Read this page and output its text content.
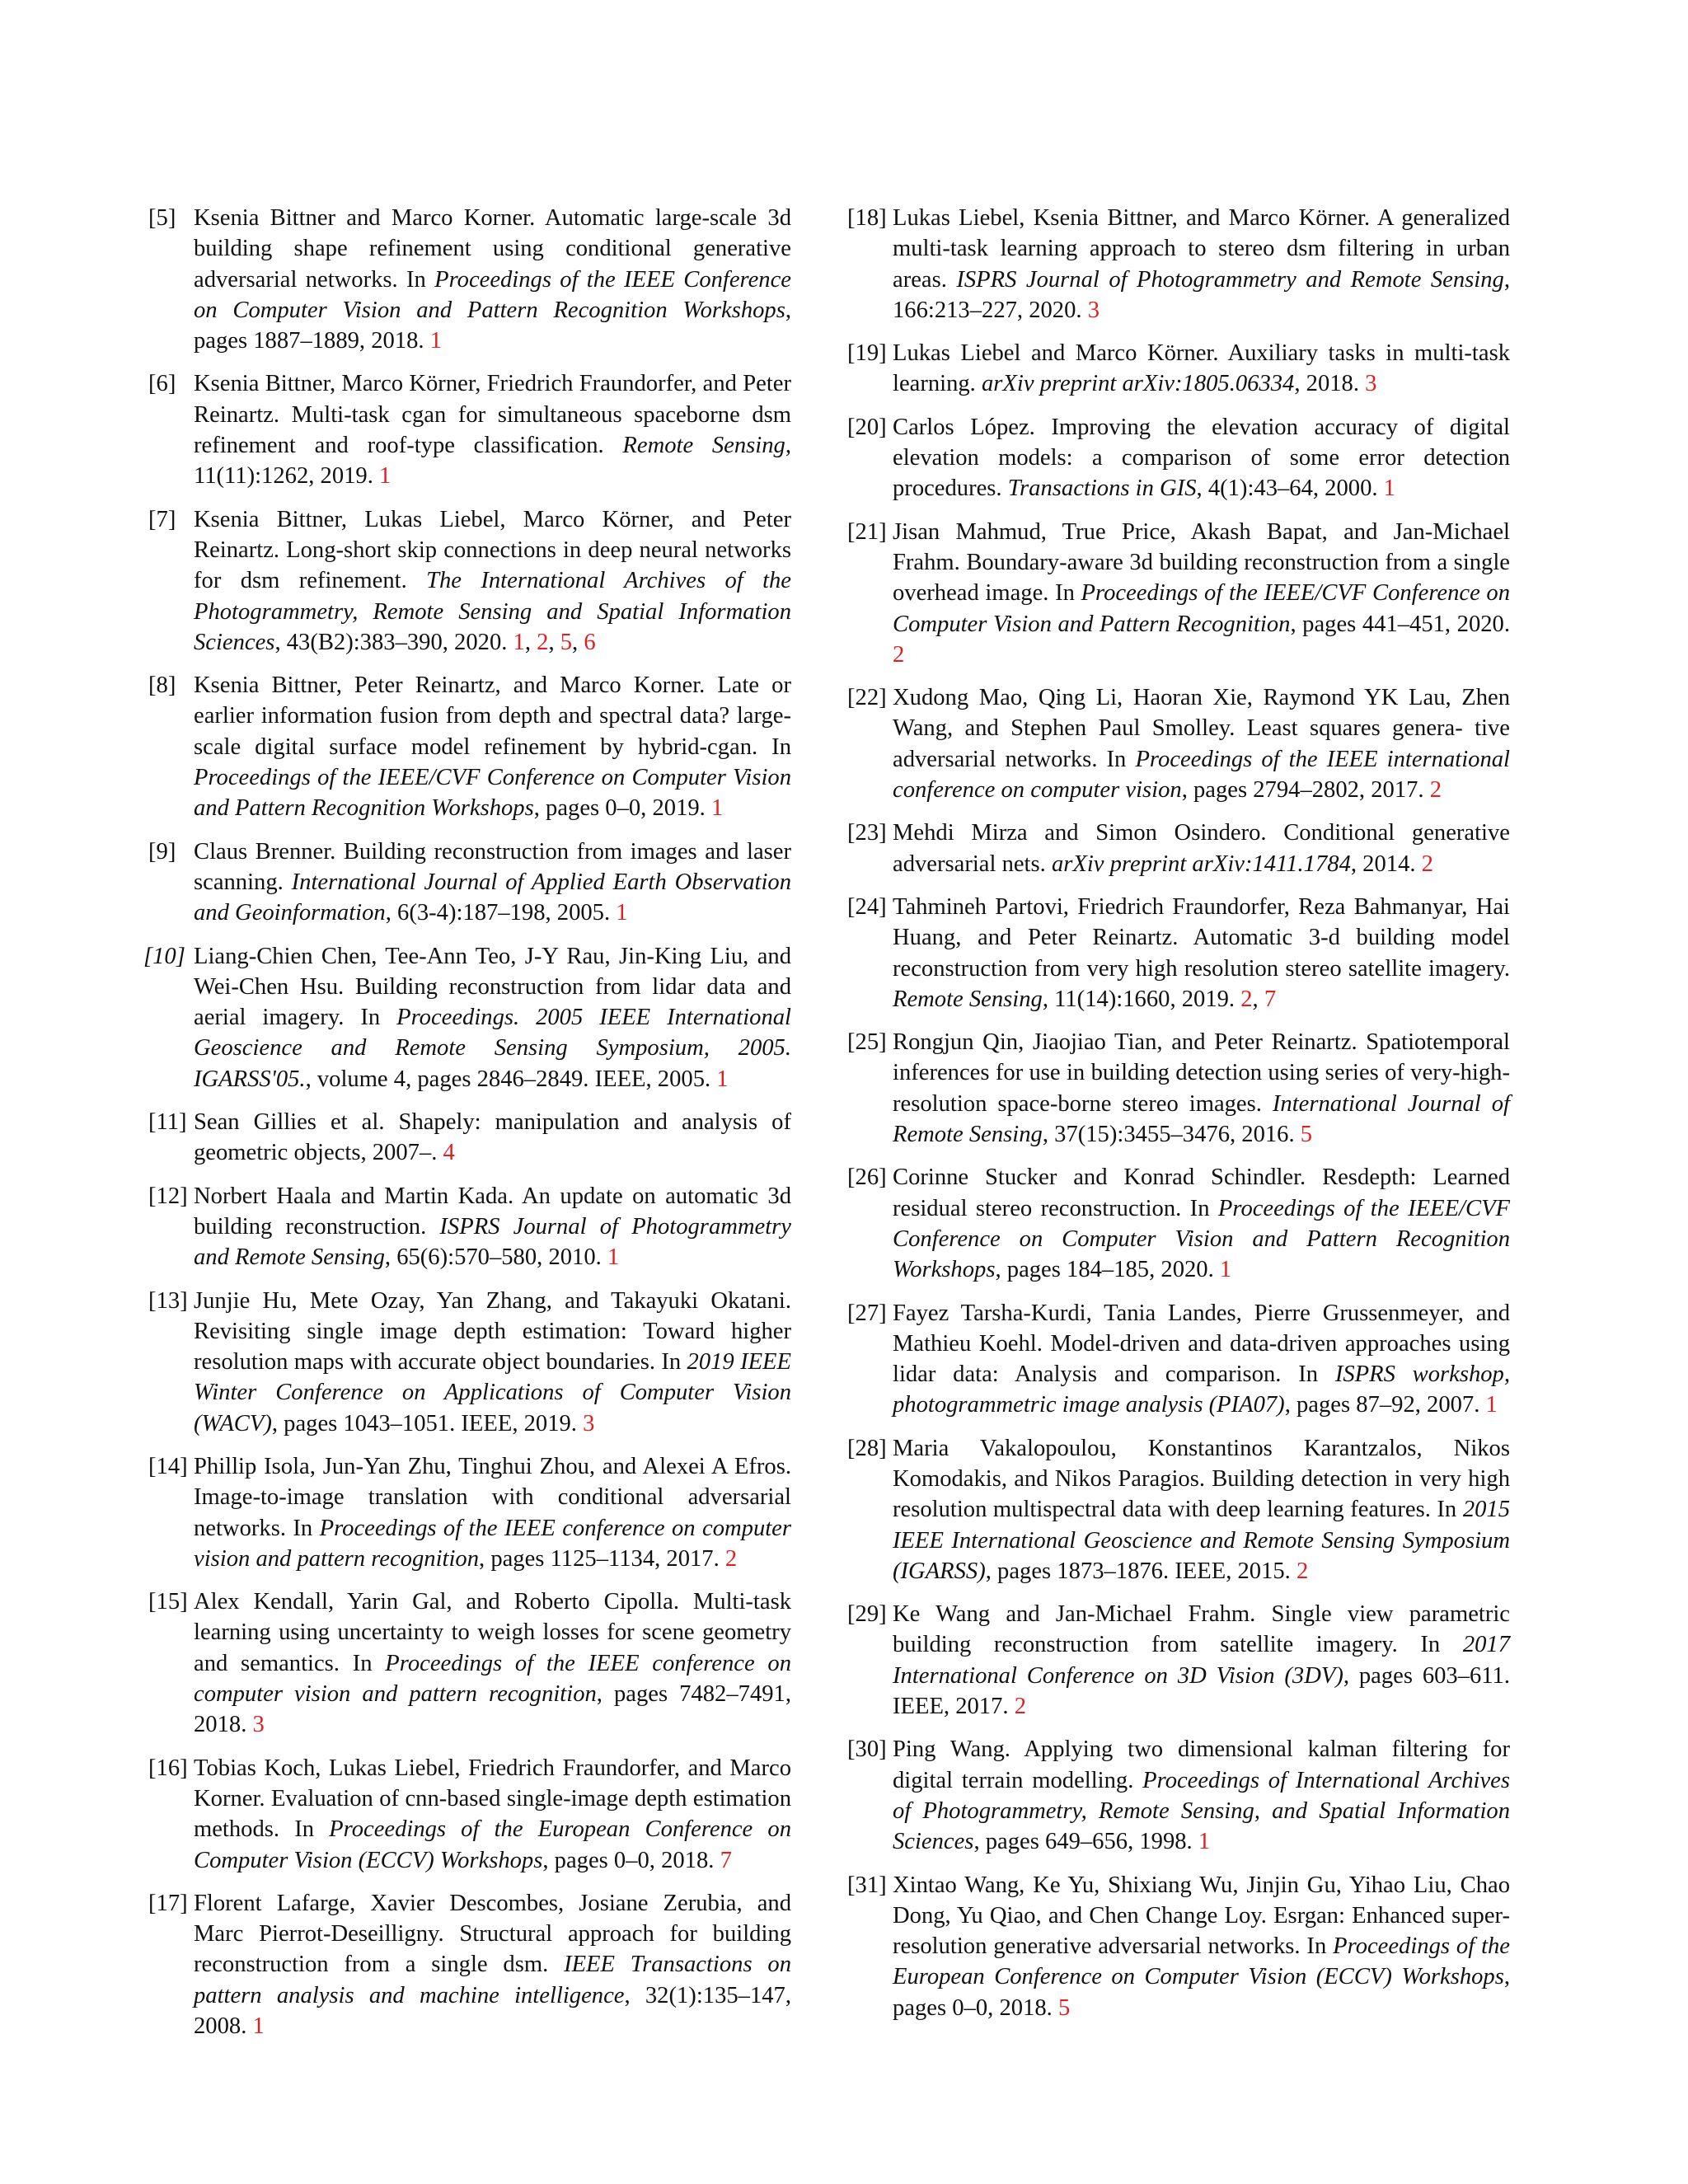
[5] Ksenia Bittner and Marco Korner. Automatic large-scale 3d building shape refinement using conditional generative adversarial networks. In Proceedings of the IEEE Conference on Computer Vision and Pattern Recognition Workshops, pages 1887–1889, 2018. 1
[6] Ksenia Bittner, Marco Körner, Friedrich Fraundorfer, and Peter Reinartz. Multi-task cgan for simultaneous spaceborne dsm refinement and roof-type classification. Remote Sensing, 11(11):1262, 2019. 1
[7] Ksenia Bittner, Lukas Liebel, Marco Körner, and Peter Reinartz. Long-short skip connections in deep neural networks for dsm refinement. The International Archives of the Photogrammetry, Remote Sensing and Spatial Information Sciences, 43(B2):383–390, 2020. 1, 2, 5, 6
[8] Ksenia Bittner, Peter Reinartz, and Marco Korner. Late or earlier information fusion from depth and spectral data? large-scale digital surface model refinement by hybrid-cgan. In Proceedings of the IEEE/CVF Conference on Computer Vision and Pattern Recognition Workshops, pages 0–0, 2019. 1
[9] Claus Brenner. Building reconstruction from images and laser scanning. International Journal of Applied Earth Observation and Geoinformation, 6(3-4):187–198, 2005. 1
[10] Liang-Chien Chen, Tee-Ann Teo, J-Y Rau, Jin-King Liu, and Wei-Chen Hsu. Building reconstruction from lidar data and aerial imagery. In Proceedings. 2005 IEEE International Geoscience and Remote Sensing Symposium, 2005. IGARSS'05., volume 4, pages 2846–2849. IEEE, 2005. 1
[11] Sean Gillies et al. Shapely: manipulation and analysis of geometric objects, 2007–. 4
[12] Norbert Haala and Martin Kada. An update on automatic 3d building reconstruction. ISPRS Journal of Photogrammetry and Remote Sensing, 65(6):570–580, 2010. 1
[13] Junjie Hu, Mete Ozay, Yan Zhang, and Takayuki Okatani. Revisiting single image depth estimation: Toward higher resolution maps with accurate object boundaries. In 2019 IEEE Winter Conference on Applications of Computer Vision (WACV), pages 1043–1051. IEEE, 2019. 3
[14] Phillip Isola, Jun-Yan Zhu, Tinghui Zhou, and Alexei A Efros. Image-to-image translation with conditional adversarial networks. In Proceedings of the IEEE conference on computer vision and pattern recognition, pages 1125–1134, 2017. 2
[15] Alex Kendall, Yarin Gal, and Roberto Cipolla. Multi-task learning using uncertainty to weigh losses for scene geometry and semantics. In Proceedings of the IEEE conference on computer vision and pattern recognition, pages 7482–7491, 2018. 3
[16] Tobias Koch, Lukas Liebel, Friedrich Fraundorfer, and Marco Korner. Evaluation of cnn-based single-image depth estimation methods. In Proceedings of the European Conference on Computer Vision (ECCV) Workshops, pages 0–0, 2018. 7
[17] Florent Lafarge, Xavier Descombes, Josiane Zerubia, and Marc Pierrot-Deseilligny. Structural approach for building reconstruction from a single dsm. IEEE Transactions on pattern analysis and machine intelligence, 32(1):135–147, 2008. 1
[18] Lukas Liebel, Ksenia Bittner, and Marco Körner. A generalized multi-task learning approach to stereo dsm filtering in urban areas. ISPRS Journal of Photogrammetry and Remote Sensing, 166:213–227, 2020. 3
[19] Lukas Liebel and Marco Körner. Auxiliary tasks in multi-task learning. arXiv preprint arXiv:1805.06334, 2018. 3
[20] Carlos López. Improving the elevation accuracy of digital elevation models: a comparison of some error detection procedures. Transactions in GIS, 4(1):43–64, 2000. 1
[21] Jisan Mahmud, True Price, Akash Bapat, and Jan-Michael Frahm. Boundary-aware 3d building reconstruction from a single overhead image. In Proceedings of the IEEE/CVF Conference on Computer Vision and Pattern Recognition, pages 441–451, 2020. 2
[22] Xudong Mao, Qing Li, Haoran Xie, Raymond YK Lau, Zhen Wang, and Stephen Paul Smolley. Least squares genera- tive adversarial networks. In Proceedings of the IEEE international conference on computer vision, pages 2794–2802, 2017. 2
[23] Mehdi Mirza and Simon Osindero. Conditional generative adversarial nets. arXiv preprint arXiv:1411.1784, 2014. 2
[24] Tahmineh Partovi, Friedrich Fraundorfer, Reza Bahmanyar, Hai Huang, and Peter Reinartz. Automatic 3-d building model reconstruction from very high resolution stereo satellite imagery. Remote Sensing, 11(14):1660, 2019. 2, 7
[25] Rongjun Qin, Jiaojiao Tian, and Peter Reinartz. Spatiotemporal inferences for use in building detection using series of very-high-resolution space-borne stereo images. International Journal of Remote Sensing, 37(15):3455–3476, 2016. 5
[26] Corinne Stucker and Konrad Schindler. Resdepth: Learned residual stereo reconstruction. In Proceedings of the IEEE/CVF Conference on Computer Vision and Pattern Recognition Workshops, pages 184–185, 2020. 1
[27] Fayez Tarsha-Kurdi, Tania Landes, Pierre Grussenmeyer, and Mathieu Koehl. Model-driven and data-driven approaches using lidar data: Analysis and comparison. In ISPRS workshop, photogrammetric image analysis (PIA07), pages 87–92, 2007. 1
[28] Maria Vakalopoulou, Konstantinos Karantzalos, Nikos Komodakis, and Nikos Paragios. Building detection in very high resolution multispectral data with deep learning features. In 2015 IEEE International Geoscience and Remote Sensing Symposium (IGARSS), pages 1873–1876. IEEE, 2015. 2
[29] Ke Wang and Jan-Michael Frahm. Single view parametric building reconstruction from satellite imagery. In 2017 International Conference on 3D Vision (3DV), pages 603–611. IEEE, 2017. 2
[30] Ping Wang. Applying two dimensional kalman filtering for digital terrain modelling. Proceedings of International Archives of Photogrammetry, Remote Sensing, and Spatial Information Sciences, pages 649–656, 1998. 1
[31] Xintao Wang, Ke Yu, Shixiang Wu, Jinjin Gu, Yihao Liu, Chao Dong, Yu Qiao, and Chen Change Loy. Esrgan: Enhanced super-resolution generative adversarial networks. In Proceedings of the European Conference on Computer Vision (ECCV) Workshops, pages 0–0, 2018. 5
